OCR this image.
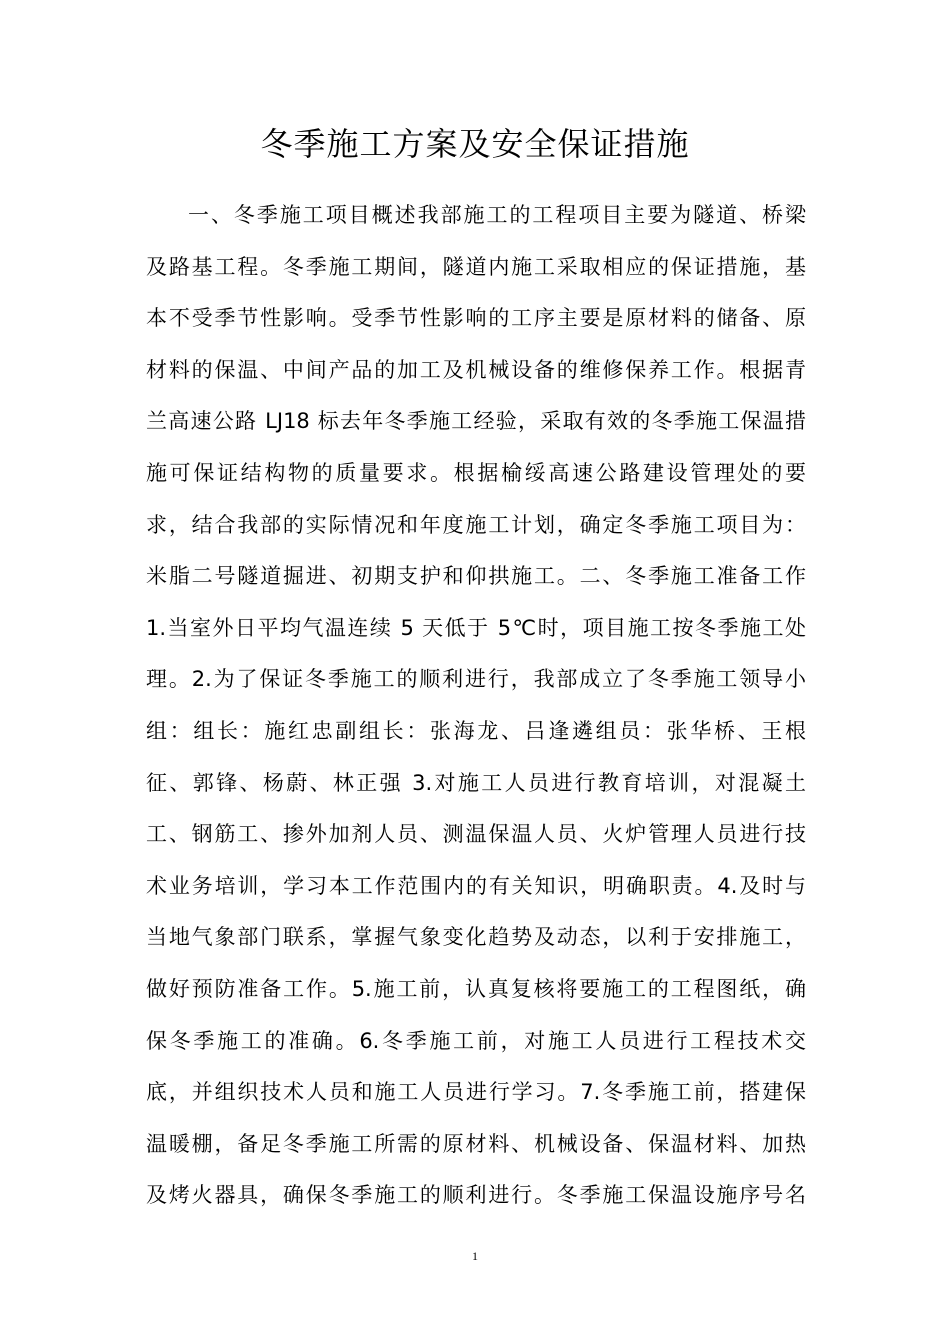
冬季施工方案及安全保证措施
一、冬季施工项目概述我部施工的工程项目主要为隧道、桥梁
及路基工程。冬季施工期间，隧道内施工采取相应的保证措施，基
本不受季节性影响。受季节性影响的工序主要是原材料的储备、原
材料的保温、中间产品的加工及机械设备的维修保养工作。根据青
兰高速公路 LJ18 标去年冬季施工经验，采取有效的冬季施工保温措
施可保证结构物的质量要求。根据榆绥高速公路建设管理处的要
求，结合我部的实际情况和年度施工计划，确定冬季施工项目为：
米脂二号隧道掘进、初期支护和仰拱施工。二、冬季施工准备工作
1.当室外日平均气温连续 5 天低于 5℃时，项目施工按冬季施工处
理。2.为了保证冬季施工的顺利进行，我部成立了冬季施工领导小
组：组长：施红忠副组长：张海龙、吕逢遴组员：张华桥、王根
征、郭锋、杨蔚、林正强 3.对施工人员进行教育培训，对混凝土
工、钢筋工、掺外加剂人员、测温保温人员、火炉管理人员进行技
术业务培训，学习本工作范围内的有关知识，明确职责。4.及时与
当地气象部门联系，掌握气象变化趋势及动态，以利于安排施工，
做好预防准备工作。5.施工前，认真复核将要施工的工程图纸，确
保冬季施工的准确。6.冬季施工前，对施工人员进行工程技术交
底，并组织技术人员和施工人员进行学习。7.冬季施工前，搭建保
温暖棚，备足冬季施工所需的原材料、机械设备、保温材料、加热
及烤火器具，确保冬季施工的顺利进行。冬季施工保温设施序号名
1
